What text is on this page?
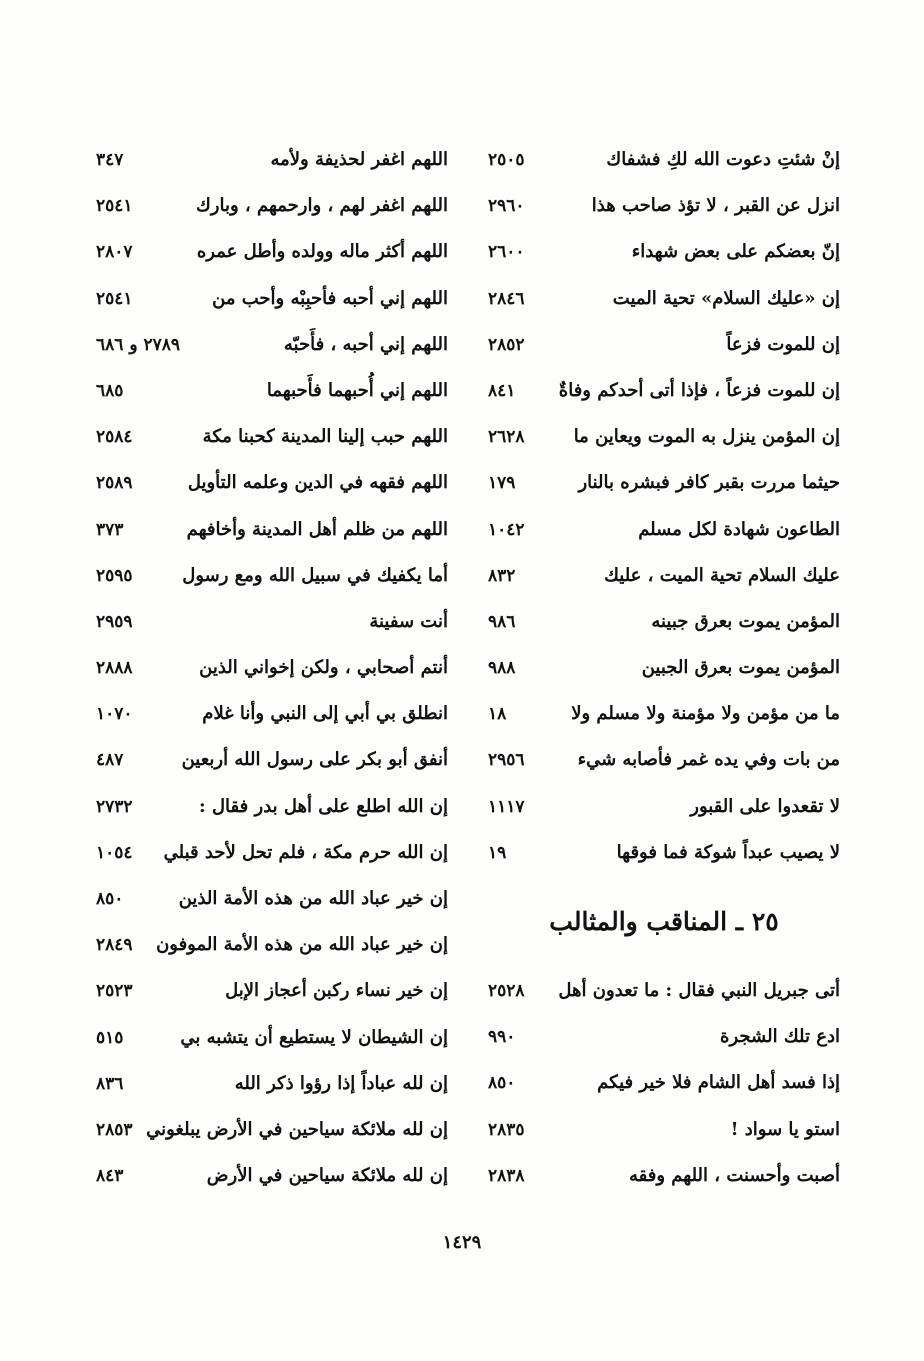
إنْ شئتِ دعوت الله لكِ فشفاك
٢٥٠٥
انزل عن القبر ، لا تؤذ صاحب هذا
٢٩٦٠
إنّ بعضكم على بعض شهداء
٢٦٠٠
إن «عليك السلام» تحية الميت
٢٨٤٦
إن للموت فزعاً
٢٨٥٢
إن للموت فزعاً ، فإذا أتى أحدكم وفاةٌ
٨٤١
إن المؤمن ينزل به الموت ويعاين ما
٢٦٢٨
حيثما مررت بقبر كافر فبشره بالنار
١٧٩
الطاعون شهادة لكل مسلم
١٠٤٢
عليك السلام تحية الميت ، عليك
٨٣٢
المؤمن يموت بعرق جبينه
٩٨٦
المؤمن يموت بعرق الجبين
٩٨٨
ما من مؤمن ولا مؤمنة ولا مسلم ولا
١٨
من بات وفي يده غمر فأصابه شيء
٢٩٥٦
لا تقعدوا على القبور
١١١٧
لا يصيب عبداً شوكة فما فوقها
١٩
٢٥ ـ المناقب والمثالب
أتى جبريل النبي فقال : ما تعدون أهل
٢٥٢٨
ادع تلك الشجرة
٩٩٠
إذا فسد أهل الشام فلا خير فيكم
٨٥٠
استو يا سواد !
٢٨٣٥
أصبت وأحسنت ، اللهم وفقه
٢٨٣٨
اللهم اغفر لحذيفة ولأمه
٣٤٧
اللهم اغفر لهم ، وارحمهم ، وبارك
٢٥٤١
اللهم أكثر ماله وولده وأطل عمره
٢٨٠٧
اللهم إني أحبه فأحبِبْه وأحب من
٢٥٤١
اللهم إني أحبه ، فأَحبّه
٢٧٨٩ و ٦٨٦
اللهم إني أُحبهما فأَحبهما
٦٨٥
اللهم حبب إلينا المدينة كحبنا مكة
٢٥٨٤
اللهم فقهه في الدين وعلمه التأويل
٢٥٨٩
اللهم من ظلم أهل المدينة وأخافهم
٣٧٣
أما يكفيك في سبيل الله ومع رسول
٢٥٩٥
أنت سفينة
٢٩٥٩
أنتم أصحابي ، ولكن إخواني الذين
٢٨٨٨
انطلق بي أبي إلى النبي وأنا غلام
١٠٧٠
أنفق أبو بكر على رسول الله أربعين
٤٨٧
إن الله اطلع على أهل بدر فقال :
٢٧٣٢
إن الله حرم مكة ، فلم تحل لأحد قبلي
١٠٥٤
إن خير عباد الله من هذه الأمة الذين
٨٥٠
إن خير عباد الله من هذه الأمة الموفون
٢٨٤٩
إن خير نساء ركبن أعجاز الإبل
٢٥٢٣
إن الشيطان لا يستطيع أن يتشبه بي
٥١٥
إن لله عباداً إذا رؤوا ذكر الله
٨٣٦
إن لله ملائكة سياحين في الأرض يبلغوني
٢٨٥٣
إن لله ملائكة سياحين في الأرض
٨٤٣
١٤٢٩
